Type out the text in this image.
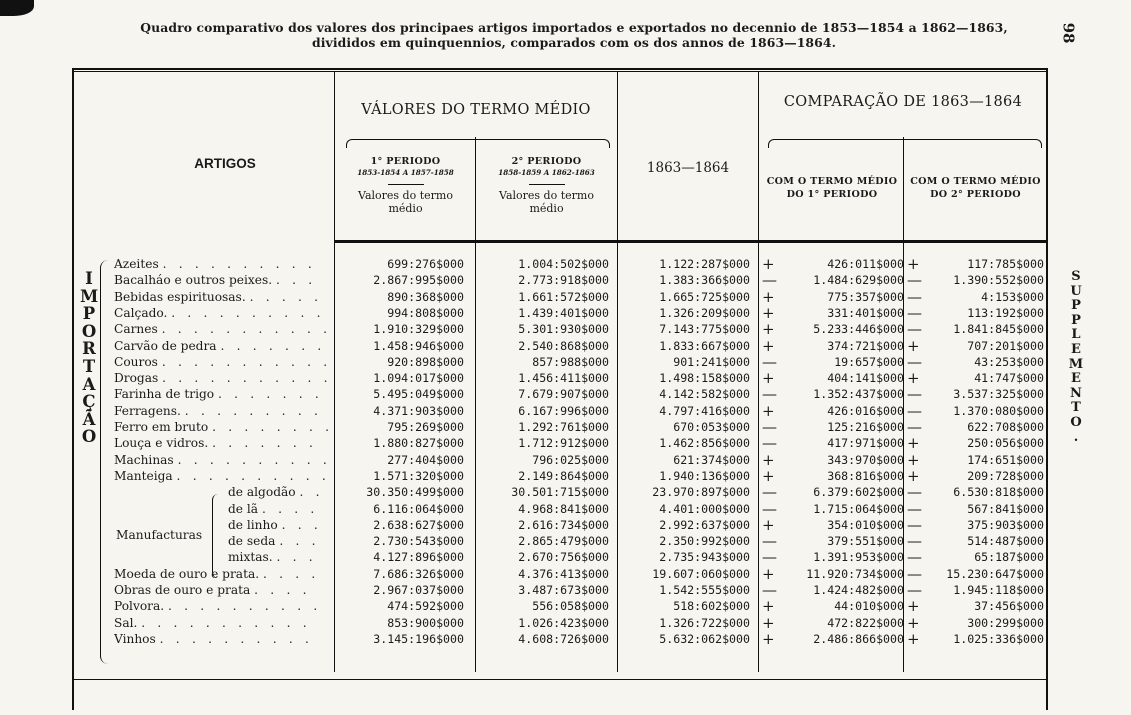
Quadro comparativo dos valores dos principaes artigos importados e exportados no decennio de 1853—1854 a 1862—1863,
divididos em quinquennios, comparados com os dos annos de 1863—1864.	98
S
U
P
P
L
E
M
E
N
T
O
.
ARTIGOS
VÁLORES DO TERMO MÉDIO	COMPARAÇÃO DE 1863—1864
1° PERIODO
1853-1854 A 1857-1858
Valores do termo médio
2° PERIODO
1858-1859 A 1862-1863
Valores do termo médio
1863—1864
COM O TERMO MÉDIO DO 1° PERIODO
COM O TERMO MÉDIO DO 2° PERIODO
I
M
P
O
R
T
A
Ç
Ã
O
Manufacturas
Azeites . . . . . . . . . .	699:276$000	1.004:502$000	1.122:287$000 +	426:011$000 +	117:785$000
Bacalháo e outros peixes. . . .	2.867:995$000	2.773:918$000	1.383:366$000 —	1.484:629$000 —	1.390:552$000
Bebidas espirituosas. . . . . .	890:368$000	1.661:572$000	1.665:725$000 +	775:357$000 —	4:153$000
Calçado. . . . . . . . . . .	994:808$000	1.439:401$000	1.326:209$000 +	331:401$000 —	113:192$000
Carnes . . . . . . . . . . .	1.910:329$000	5.301:930$000	7.143:775$000 +	5.233:446$000 —	1.841:845$000
Carvão de pedra . . . . . . .	1.458:946$000	2.540:868$000	1.833:667$000 +	374:721$000 +	707:201$000
Couros . . . . . . . . . . .	920:898$000	857:988$000	901:241$000 —	19:657$000 —	43:253$000
Drogas . . . . . . . . . . .	1.094:017$000	1.456:411$000	1.498:158$000 +	404:141$000 +	41:747$000
Farinha de trigo . . . . . . .	5.495:049$000	7.679:907$000	4.142:582$000 —	1.352:437$000 —	3.537:325$000
Ferragens. . . . . . . . . .	4.371:903$000	6.167:996$000	4.797:416$000 +	426:016$000 —	1.370:080$000
Ferro em bruto . . . . . . . .	795:269$000	1.292:761$000	670:053$000 —	125:216$000 —	622:708$000
Louça e vidros. . . . . . . .	1.880:827$000	1.712:912$000	1.462:856$000 —	417:971$000 +	250:056$000
Machinas . . . . . . . . . .	277:404$000	796:025$000	621:374$000 +	343:970$000 +	174:651$000
Manteiga . . . . . . . . . .	1.571:320$000	2.149:864$000	1.940:136$000 +	368:816$000 +	209:728$000
de algodão . .	30.350:499$000	30.501:715$000	23.970:897$000 —	6.379:602$000 —	6.530:818$000
de lã . . . .	6.116:064$000	4.968:841$000	4.401:000$000 —	1.715:064$000 —	567:841$000
de linho . . .	2.638:627$000	2.616:734$000	2.992:637$000 +	354:010$000 —	375:903$000
de seda . . .	2.730:543$000	2.865:479$000	2.350:992$000 —	379:551$000 —	514:487$000
mixtas. . . .	4.127:896$000	2.670:756$000	2.735:943$000 —	1.391:953$000 —	65:187$000
Moeda de ouro e prata. . . . .	7.686:326$000	4.376:413$000	19.607:060$000 +	11.920:734$000 —	15.230:647$000
Obras de ouro e prata . . . .	2.967:037$000	3.487:673$000	1.542:555$000 —	1.424:482$000 —	1.945:118$000
Polvora. . . . . . . . . . .	474:592$000	556:058$000	518:602$000 +	44:010$000 +	37:456$000
Sal. . . . . . . . . . . .	853:900$000	1.026:423$000	1.326:722$000 +	472:822$000 +	300:299$000
Vinhos . . . . . . . . . .	3.145:196$000	4.608:726$000	5.632:062$000 +	2.486:866$000 +	1.025:336$000
